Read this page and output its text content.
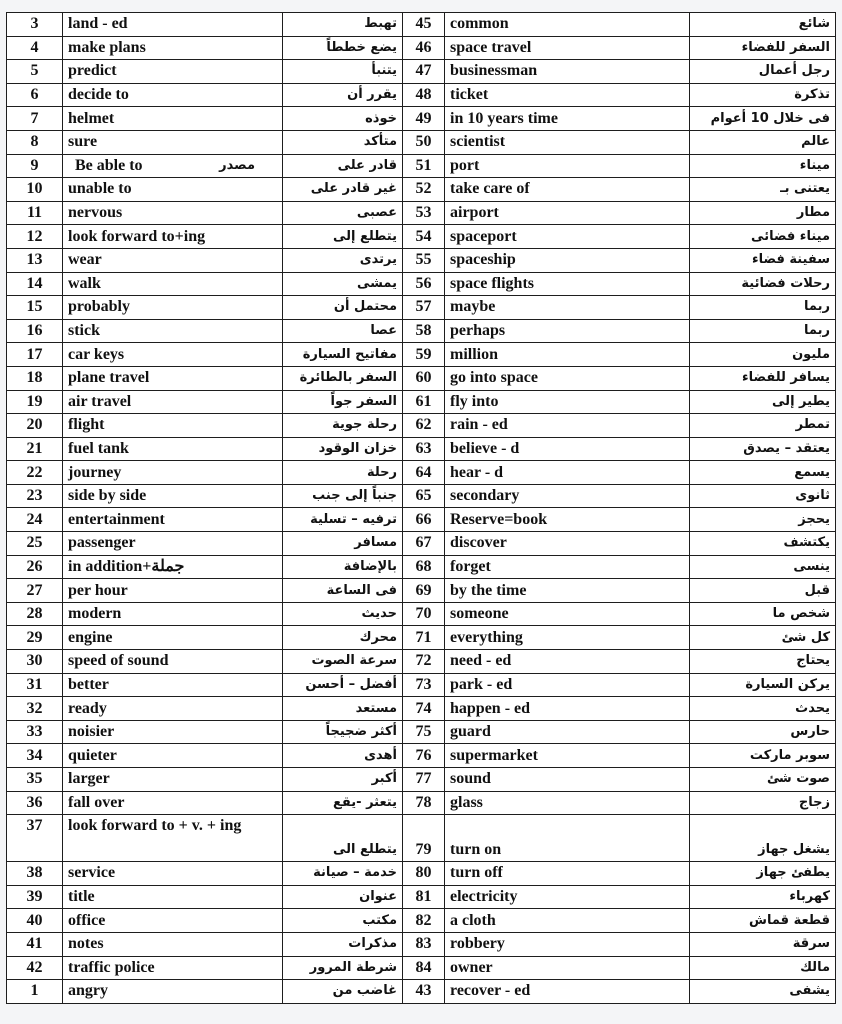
3	land - ed	تهبط	45	common	شائع
4	make plans	يضع خططاً	46	space travel	السفر للفضاء
5	predict	يتنبأ	47	businessman	رجل أعمال
6	decide to	يقرر أن	48	ticket	تذكرة
7	helmet	خوذه	49	in 10 years time	فى خلال 10 أعوام
8	sure	متأكد	50	scientist	عالم
9	Be able to مصدر	قادر على	51	port	ميناء
10	unable to	غير قادر على	52	take care of	يعتنى بـ
11	nervous	عصبى	53	airport	مطار
12	look forward to+ing	يتطلع إلى	54	spaceport	ميناء فضائى
13	wear	يرتدى	55	spaceship	سفينة فضاء
14	walk	يمشى	56	space flights	رحلات فضائية
15	probably	محتمل أن	57	maybe	ربما
16	stick	عصا	58	perhaps	ربما
17	car keys	مفاتيح السيارة	59	million	مليون
18	plane travel	السفر بالطائرة	60	go into space	يسافر للفضاء
19	air travel	السفر جواً	61	fly into	يطير إلى
20	flight	رحلة جوية	62	rain - ed	تمطر
21	fuel tank	خزان الوقود	63	believe - d	يعتقد – يصدق
22	journey	رحلة	64	hear - d	يسمع
23	side by side	جنباً إلى جنب	65	secondary	ثانوى
24	entertainment	ترفيه – تسلية	66	Reserve=book	يحجز
25	passenger	مسافر	67	discover	يكتشف
26	in addition+جملة	بالإضافة	68	forget	ينسى
27	per hour	فى الساعة	69	by the time	قبل
28	modern	حديث	70	someone	شخص ما
29	engine	محرك	71	everything	كل شئ
30	speed of sound	سرعة الصوت	72	need - ed	يحتاج
31	better	أفضل – أحسن	73	park - ed	يركن السيارة
32	ready	مستعد	74	happen - ed	يحدث
33	noisier	أكثر ضجيجاً	75	guard	حارس
34	quieter	أهدى	76	supermarket	سوبر ماركت
35	larger	أكبر	77	sound	صوت شئ
36	fall over	يتعثر -يقع	78	glass	زجاج
37	look forward to + v. + ing	يتطلع الى	79	turn on	يشغل جهاز
38	service	خدمة – صيانة	80	turn off	يطفئ جهاز
39	title	عنوان	81	electricity	كهرباء
40	office	مكتب	82	a cloth	قطعة قماش
41	notes	مذكرات	83	robbery	سرقة
42	traffic police	شرطة المرور	84	owner	مالك
1	angry	غاضب من	43	recover - ed	يشفى
